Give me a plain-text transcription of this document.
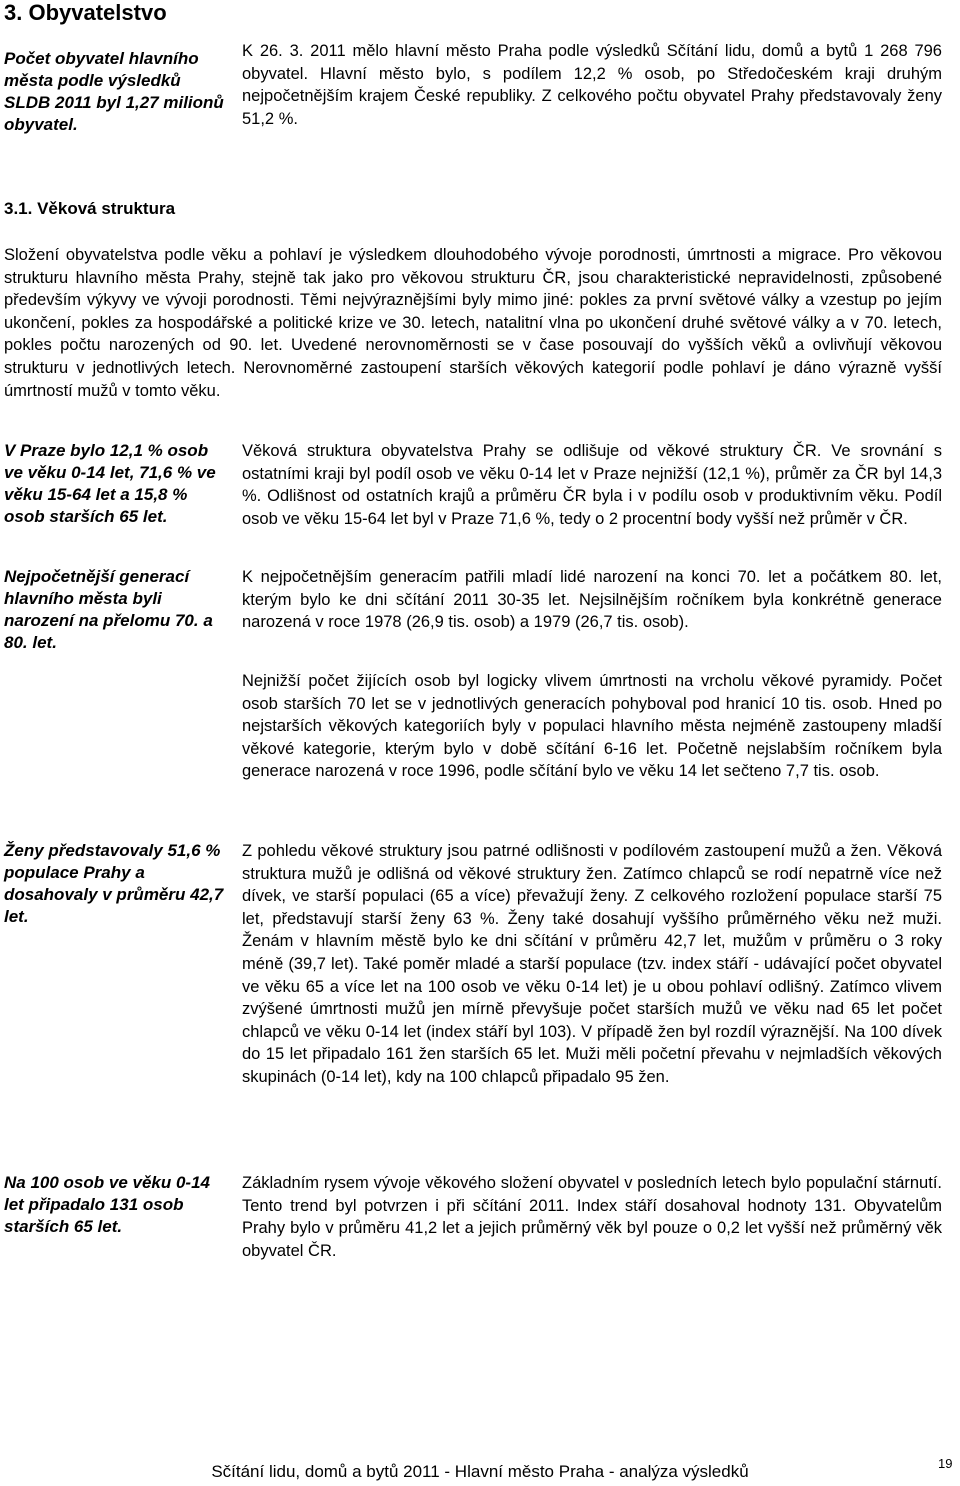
3. Obyvatelstvo

Počet obyvatel hlavního města podle výsledků SLDB 2011 byl 1,27 milionů obyvatel.

K 26. 3. 2011 mělo hlavní město Praha podle výsledků Sčítání lidu, domů a bytů 1 268 796 obyvatel. Hlavní město bylo, s podílem 12,2 % osob, po Středočeském kraji druhým nejpočetnějším krajem České republiky. Z celkového počtu obyvatel Prahy představovaly ženy 51,2 %.

3.1. Věková struktura

Složení obyvatelstva podle věku a pohlaví je výsledkem dlouhodobého vývoje porodnosti, úmrtnosti a migrace. Pro věkovou strukturu hlavního města Prahy, stejně tak jako pro věkovou strukturu ČR, jsou charakteristické nepravidelnosti, způsobené především výkyvy ve vývoji porodnosti. Těmi nejvýraznějšími byly mimo jiné: pokles za první světové války a vzestup po jejím ukončení, pokles za hospodářské a politické krize ve 30. letech, natalitní vlna po ukončení druhé světové války a v 70. letech, pokles počtu narozených od 90. let. Uvedené nerovnoměrnosti se v čase posouvají do vyšších věků a ovlivňují věkovou strukturu v jednotlivých letech. Nerovnoměrné zastoupení starších věkových kategorií podle pohlaví je dáno výrazně vyšší úmrtností mužů v tomto věku.

V Praze bylo 12,1 % osob ve věku 0-14 let, 71,6 % ve věku 15-64 let a 15,8 % osob starších 65 let.

Nejpočetnější generací hlavního města byli narození na přelomu 70. a 80. let.

Ženy představovaly 51,6 % populace Prahy a dosahovaly v průměru 42,7 let.

Na 100 osob ve věku 0-14 let připadalo 131 osob starších 65 let.

Věková struktura obyvatelstva Prahy se odlišuje od věkové struktury ČR. Ve srovnání s ostatními kraji byl podíl osob ve věku 0-14 let v Praze nejnižší (12,1 %), průměr za ČR byl 14,3 %. Odlišnost od ostatních krajů a průměru ČR byla i v podílu osob v produktivním věku. Podíl osob ve věku 15-64 let byl v Praze 71,6 %, tedy o 2 procentní body vyšší než průměr v ČR.

K nejpočetnějším generacím patřili mladí lidé narození na konci 70. let a počátkem 80. let, kterým bylo ke dni sčítání 2011 30-35 let. Nejsilnějším ročníkem byla konkrétně generace narozená v roce 1978 (26,9 tis. osob) a 1979 (26,7 tis. osob).

Nejnižší počet žijících osob byl logicky vlivem úmrtnosti na vrcholu věkové pyramidy. Počet osob starších 70 let se v jednotlivých generacích pohyboval pod hranicí 10 tis. osob. Hned po nejstarších věkových kategoriích byly v populaci hlavního města nejméně zastoupeny mladší věkové kategorie, kterým bylo v době sčítání 6-16 let. Početně nejslabším ročníkem byla generace narozená v roce 1996, podle sčítání bylo ve věku 14 let sečteno 7,7 tis. osob.

Z pohledu věkové struktury jsou patrné odlišnosti v podílovém zastoupení mužů a žen. Věková struktura mužů je odlišná od věkové struktury žen. Zatímco chlapců se rodí nepatrně více než dívek, ve starší populaci (65 a více) převažují ženy. Z celkového rozložení populace starší 75 let, představují starší ženy 63 %. Ženy také dosahují vyššího průměrného věku než muži. Ženám v hlavním městě bylo ke dni sčítání v průměru 42,7 let, mužům v průměru o 3 roky méně (39,7 let). Také poměr mladé a starší populace (tzv. index stáří - udávající počet obyvatel ve věku 65 a více let na 100 osob ve věku 0-14 let) je u obou pohlaví odlišný. Zatímco vlivem zvýšené úmrtnosti mužů jen mírně převyšuje počet starších mužů ve věku nad 65 let počet chlapců ve věku 0-14 let (index stáří byl 103). V případě žen byl rozdíl výraznější. Na 100 dívek do 15 let připadalo 161 žen starších 65 let. Muži měli početní převahu v nejmladších věkových skupinách (0-14 let), kdy na 100 chlapců připadalo 95 žen.

Základním rysem vývoje věkového složení obyvatel v posledních letech bylo populační stárnutí. Tento trend byl potvrzen i při sčítání 2011. Index stáří dosahoval hodnoty 131. Obyvatelům Prahy bylo v průměru 41,2 let a jejich průměrný věk byl pouze o 0,2 let vyšší než průměrný věk obyvatel ČR.

Sčítání lidu, domů a bytů 2011 - Hlavní město Praha - analýza výsledků	19
